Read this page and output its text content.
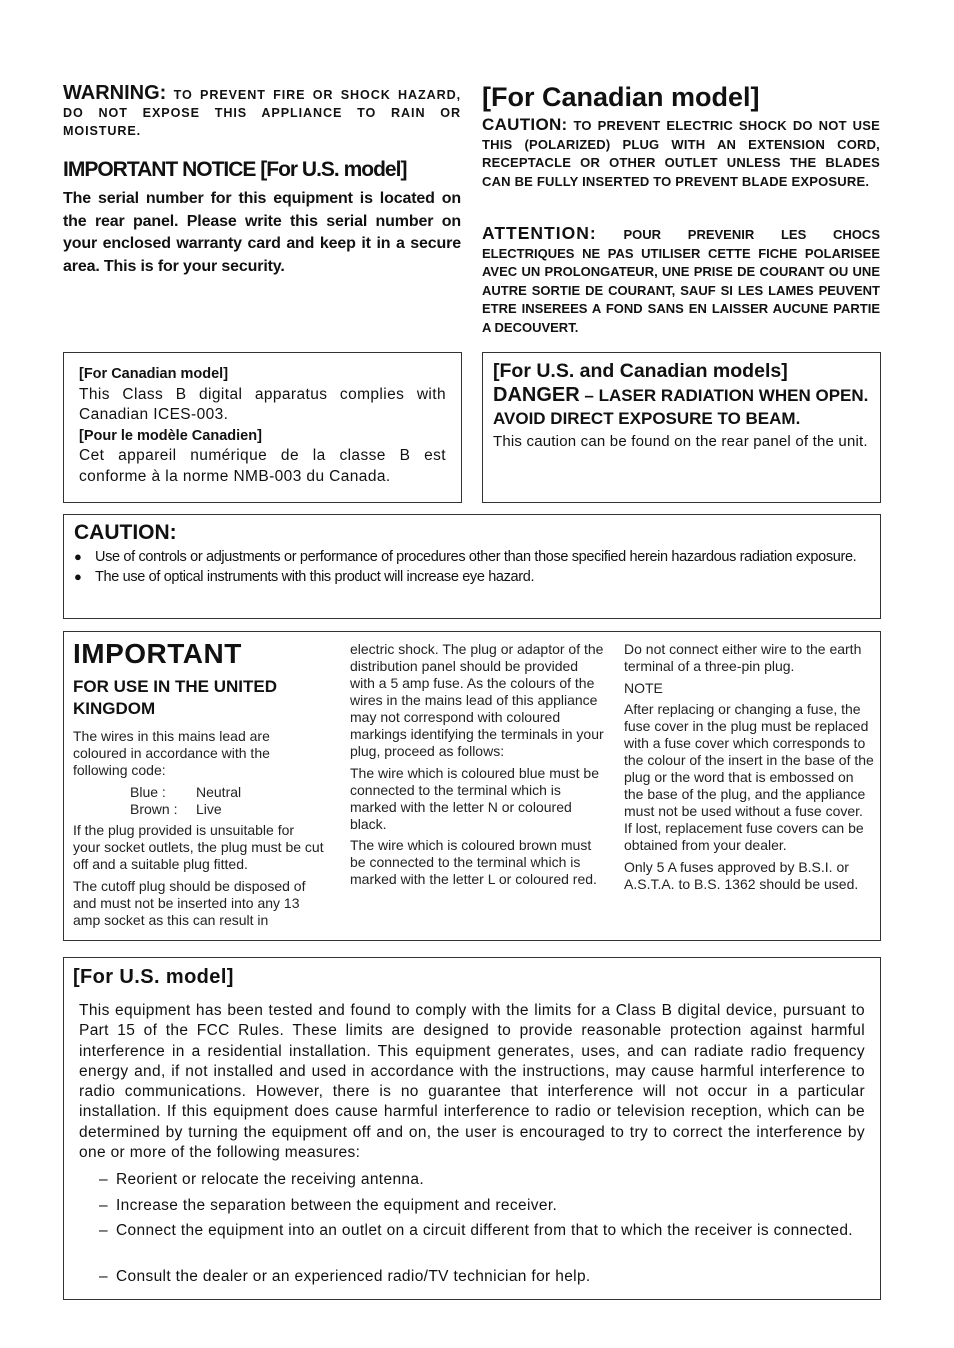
WARNING: TO PREVENT FIRE OR SHOCK HAZARD, DO NOT EXPOSE THIS APPLIANCE TO RAIN OR MOISTURE.
IMPORTANT NOTICE [For U.S. model]
The serial number for this equipment is located on the rear panel. Please write this serial number on your enclosed warranty card and keep it in a secure area. This is for your security.
[For Canadian model]
CAUTION: TO PREVENT ELECTRIC SHOCK DO NOT USE THIS (POLARIZED) PLUG WITH AN EXTENSION CORD, RECEPTACLE OR OTHER OUTLET UNLESS THE BLADES CAN BE FULLY INSERTED TO PREVENT BLADE EXPOSURE.
ATTENTION: POUR PREVENIR LES CHOCS ELECTRIQUES NE PAS UTILISER CETTE FICHE POLARISEE AVEC UN PROLONGATEUR, UNE PRISE DE COURANT OU UNE AUTRE SORTIE DE COURANT, SAUF SI LES LAMES PEUVENT ETRE INSEREES A FOND SANS EN LAISSER AUCUNE PARTIE A DECOUVERT.
[For Canadian model]
This Class B digital apparatus complies with Canadian ICES-003.
[Pour le modèle Canadien]
Cet appareil numérique de la classe B est conforme à la norme NMB-003 du Canada.
[For U.S. and Canadian models]
DANGER – LASER RADIATION WHEN OPEN. AVOID DIRECT EXPOSURE TO BEAM.
This caution can be found on the rear panel of the unit.
CAUTION:
● Use of controls or adjustments or performance of procedures other than those specified herein hazardous radiation exposure.
● The use of optical instruments with this product will increase eye hazard.
IMPORTANT
FOR USE IN THE UNITED KINGDOM

The wires in this mains lead are coloured in accordance with the following code:

Blue :	Neutral
Brown :	Live

If the plug provided is unsuitable for your socket outlets, the plug must be cut off and a suitable plug fitted.

The cutoff plug should be disposed of and must not be inserted into any 13 amp socket as this can result in

electric shock. The plug or adaptor of the distribution panel should be provided with a 5 amp fuse. As the colours of the wires in the mains lead of this appliance may not correspond with coloured markings identifying the terminals in your plug, proceed as follows:

The wire which is coloured blue must be connected to the terminal which is marked with the letter N or coloured black.

The wire which is coloured brown must be connected to the terminal which is marked with the letter L or coloured red.

Do not connect either wire to the earth terminal of a three-pin plug.

NOTE

After replacing or changing a fuse, the fuse cover in the plug must be replaced with a fuse cover which corresponds to the colour of the insert in the base of the plug or the word that is embossed on the base of the plug, and the appliance must not be used without a fuse cover. If lost, replacement fuse covers can be obtained from your dealer.

Only 5 A fuses approved by B.S.I. or A.S.T.A. to B.S. 1362 should be used.

[For U.S. model]
This equipment has been tested and found to comply with the limits for a Class B digital device, pursuant to Part 15 of the FCC Rules. These limits are designed to provide reasonable protection against harmful interference in a residential installation. This equipment generates, uses, and can radiate radio frequency energy and, if not installed and used in accordance with the instructions, may cause harmful interference to radio communications. However, there is no guarantee that interference will not occur in a particular installation. If this equipment does cause harmful interference to radio or television reception, which can be determined by turning the equipment off and on, the user is encouraged to try to correct the interference by one or more of the following measures:
– Reorient or relocate the receiving antenna.
– Increase the separation between the equipment and receiver.
– Connect the equipment into an outlet on a circuit different from that to which the receiver is connected.
– Consult the dealer or an experienced radio/TV technician for help.
